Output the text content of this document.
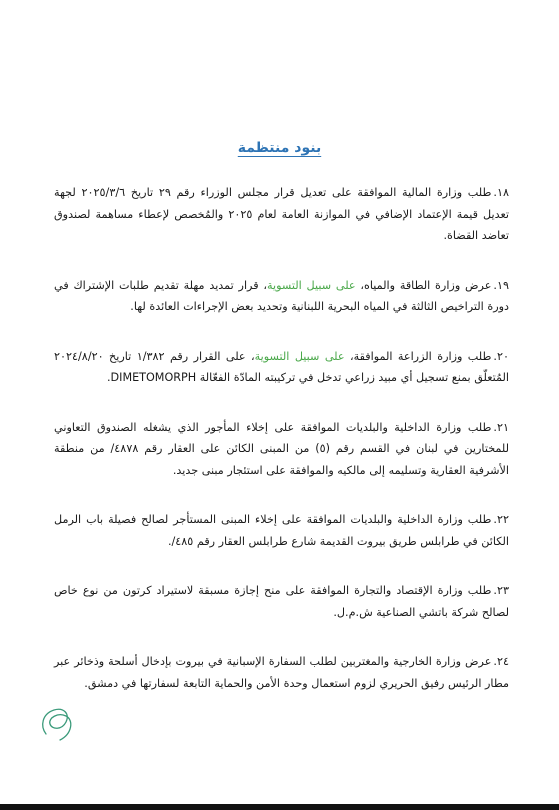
بنود منتظمة

١٨.طلب وزارة المالية الموافقة على تعديل قرار مجلس الوزراء رقم ٢٩ تاريخ ٢٠٢٥/٣/٦ لجهة تعديل قيمة الإعتماد الإضافي في الموازنة العامة لعام ٢٠٢٥ والمُخصص لإعطاء مساهمة لصندوق تعاضد القضاة.

١٩.عرض وزارة الطاقة والمياه، على سبيل التسوية، قرار تمديد مهلة تقديم طلبات الإشتراك في دورة التراخيص الثالثة في المياه البحرية اللبنانية وتحديد بعض الإجراءات العائدة لها.

٢٠.طلب وزارة الزراعة الموافقة، على سبيل التسوية، على القرار رقم ١/٣٨٢ تاريخ ٢٠٢٤/٨/٢٠ المُتعلّق بمنع تسجيل أي مبيد زراعي تدخل في تركيبته المادّة الفعّالة DIMETOMORPH.

٢١.طلب وزارة الداخلية والبلديات الموافقة على إخلاء المأجور الذي يشغله الصندوق التعاوني للمختارين في لبنان في القسم رقم (٥) من المبنى الكائن على العقار رقم ٤٨٧٨/ من منطقة الأشرفية العقارية وتسليمه إلى مالكيه والموافقة على استئجار مبنى جديد.

٢٢.طلب وزارة الداخلية والبلديات الموافقة على إخلاء المبنى المستأجر لصالح فصيلة باب الرمل الكائن في طرابلس طريق بيروت القديمة شارع طرابلس العقار رقم ٤٨٥/.

٢٣.طلب وزارة الإقتصاد والتجارة الموافقة على منح إجازة مسبقة لاستيراد كرتون من نوع خاص لصالح شركة باتشي الصناعية ش.م.ل.

٢٤.عرض وزارة الخارجية والمغتربين لطلب السفارة الإسبانية في بيروت بإدخال أسلحة وذخائر عبر مطار الرئيس رفيق الحريري لزوم استعمال وحدة الأمن والحماية التابعة لسفارتها في دمشق.
